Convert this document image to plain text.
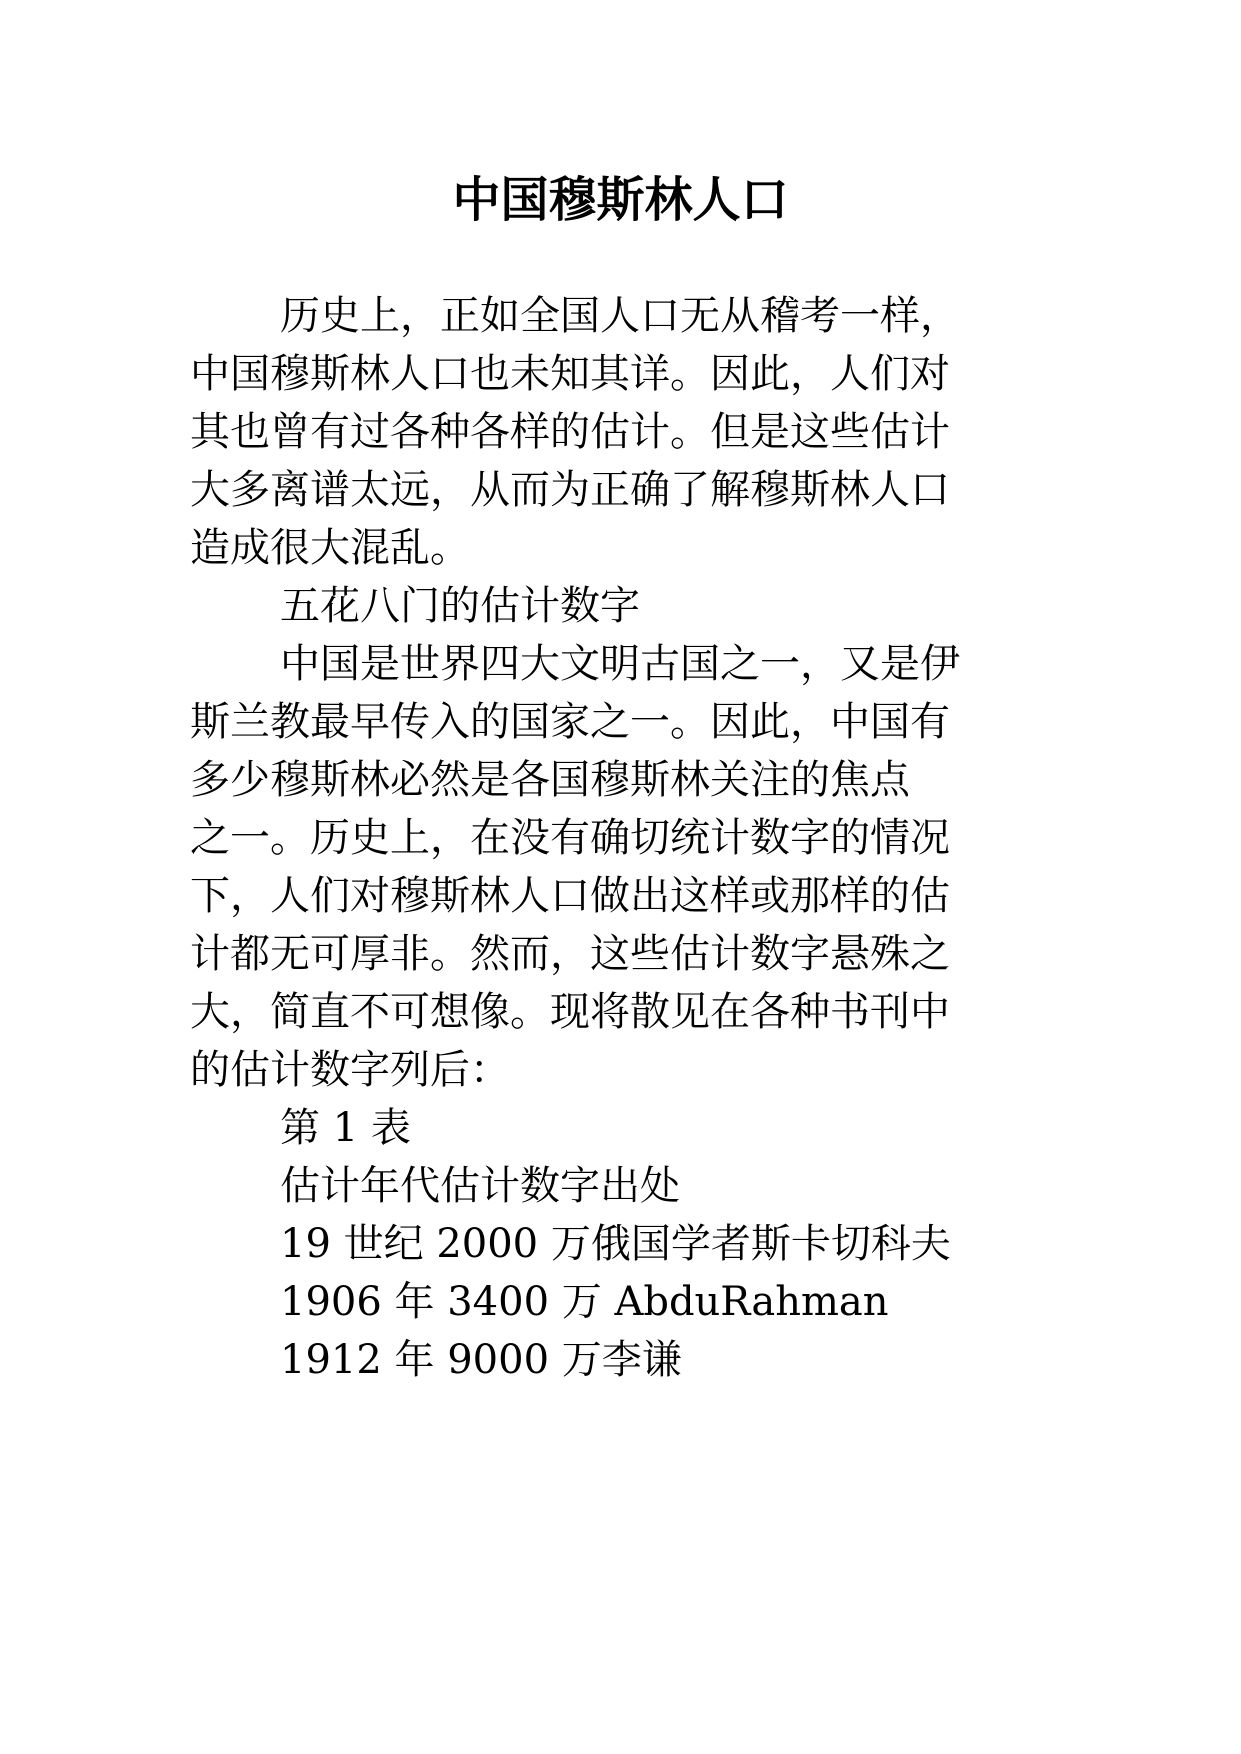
中国穆斯林人口

历史上，正如全国人口无从稽考一样，

中国穆斯林人口也未知其详。因此，人们对

其也曾有过各种各样的估计。但是这些估计

大多离谱太远，从而为正确了解穆斯林人口

造成很大混乱。

五花八门的估计数字

中国是世界四大文明古国之一，又是伊

斯兰教最早传入的国家之一。因此，中国有

多少穆斯林必然是各国穆斯林关注的焦点

之一。历史上，在没有确切统计数字的情况

下，人们对穆斯林人口做出这样或那样的估

计都无可厚非。然而，这些估计数字悬殊之

大，简直不可想像。现将散见在各种书刊中

的估计数字列后：

第 1 表

估计年代估计数字出处

19 世纪 2000 万俄国学者斯卡切科夫

1906 年 3400 万 AbduRahman

1912 年 9000 万李谦
